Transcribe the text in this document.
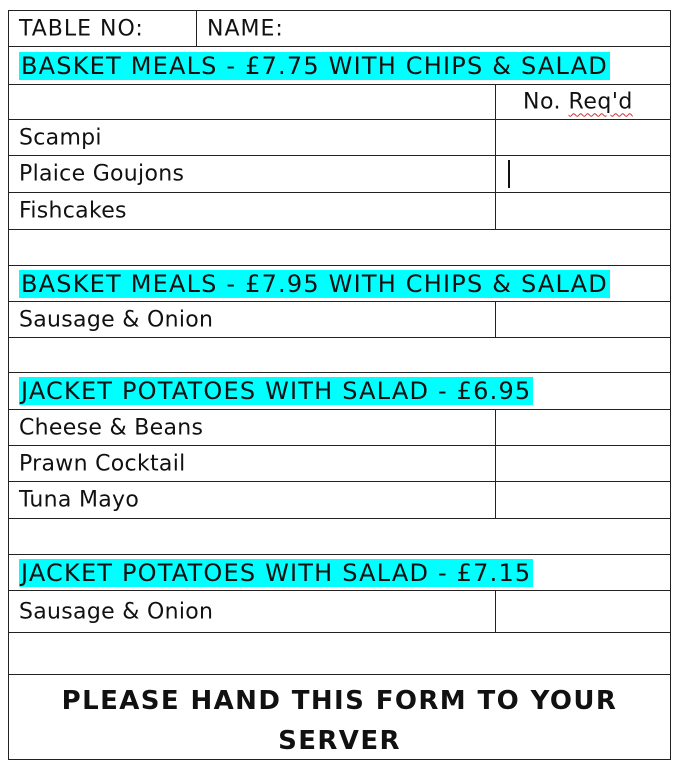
TABLE NO:	NAME:
BASKET MEALS - £7.75 WITH CHIPS & SALAD
No. Req'd
Scampi
Plaice Goujons
Fishcakes
BASKET MEALS - £7.95 WITH CHIPS & SALAD
Sausage & Onion
JACKET POTATOES WITH SALAD - £6.95
Cheese & Beans
Prawn Cocktail
Tuna Mayo
JACKET POTATOES WITH SALAD - £7.15
Sausage & Onion
PLEASE HAND THIS FORM TO YOUR
SERVER
